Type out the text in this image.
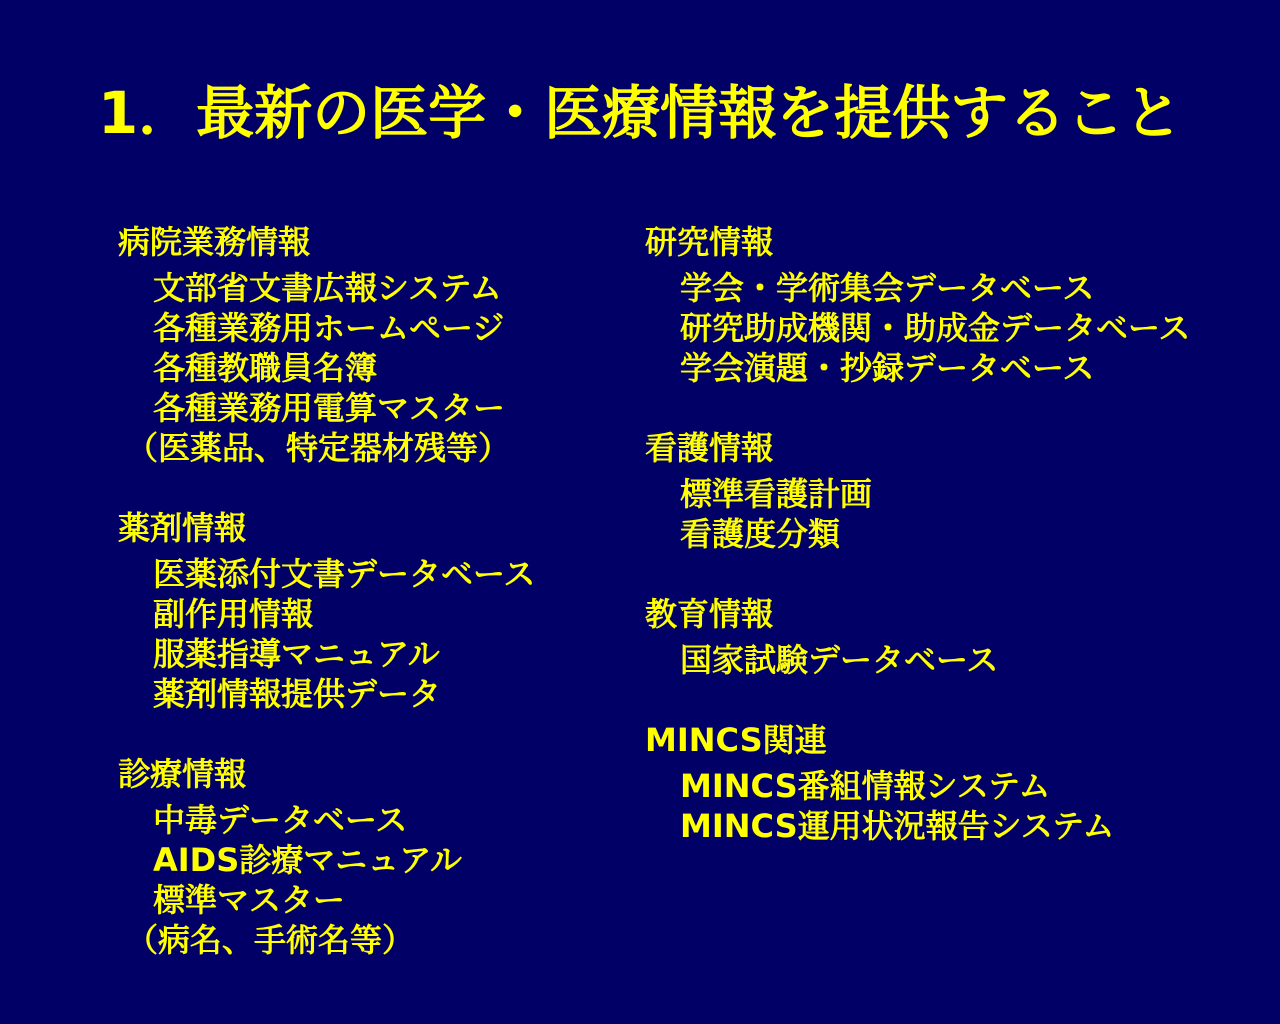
1．最新の医学・医療情報を提供すること
病院業務情報
文部省文書広報システム
各種業務用ホームページ
各種教職員名簿
各種業務用電算マスター
（医薬品、特定器材残等）
薬剤情報
医薬添付文書データベース
副作用情報
服薬指導マニュアル
薬剤情報提供データ
診療情報
中毒データベース
AIDS診療マニュアル
標準マスター
（病名、手術名等）
研究情報
学会・学術集会データベース
研究助成機関・助成金データベース
学会演題・抄録データベース
看護情報
標準看護計画
看護度分類
教育情報
国家試験データベース
MINCS関連
MINCS番組情報システム
MINCS運用状況報告システム
